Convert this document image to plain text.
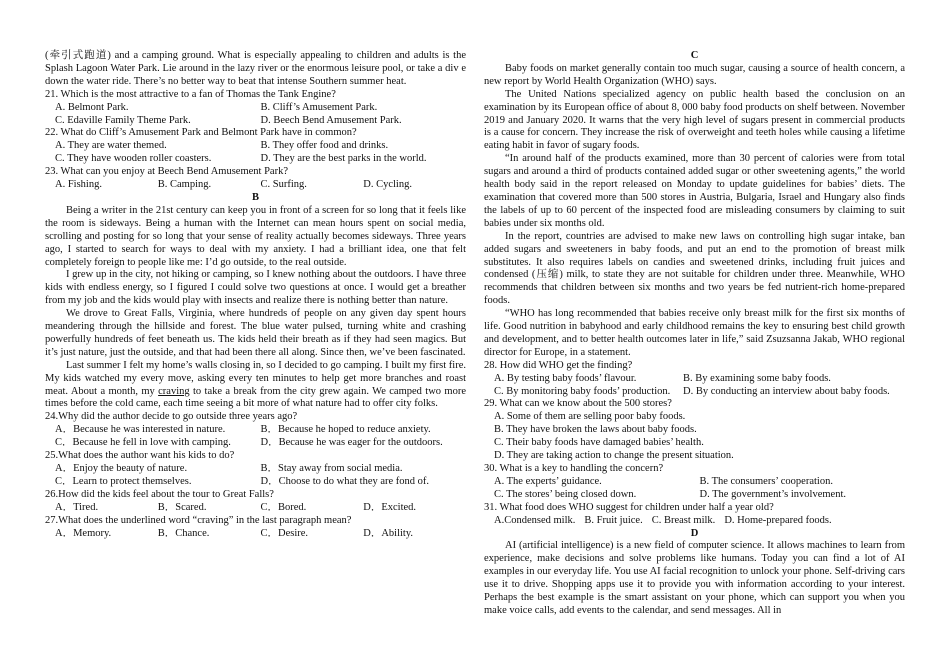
(牵引式跑道) and a camping ground. What is especially appealing to children and adults is the Splash Lagoon Water Park. Lie around in the lazy river or the enormous leisure pool, or take a div e down the water ride. There’s no better way to beat that intense Southern summer heat.

21. Which is the most attractive to a fan of Thomas the Tank Engine?

A. Belmont Park.	B. Cliff’s Amusement Park.
C. Edaville Family Theme Park.	D. Beech Bend Amusement Park.

22. What do Cliff’s Amusement Park and Belmont Park have in common?

A. They are water themed.	B. They offer food and drinks.
C. They have wooden roller coasters.	D. They are the best parks in the world.

23. What can you enjoy at Beech Bend Amusement Park?

A. Fishing.	B. Camping.	C. Surfing.	D. Cycling.

B

Being a writer in the 21st century can keep you in front of a screen for so long that it feels like the room is sideways. Being a human with the Internet can mean hours spent on social media, scrolling and posting for so long that your sense of reality actually becomes sideways. Three years ago, I started to search for ways to deal with my anxiety. I had a brilliant idea, one that felt completely foreign to people like me: I’d go outside, to the real outside.

I grew up in the city, not hiking or camping, so I knew nothing about the outdoors. I have three kids with endless energy, so I figured I could solve two questions at once. I would get a breather from my job and the kids would play with insects and realize there is nothing better than nature.

We drove to Great Falls, Virginia, where hundreds of people on any given day spent hours meandering through the hillside and forest. The blue water pulsed, turning white and crashing powerfully hundreds of feet beneath us. The kids held their breath as if they had seen magics. But it’s just nature, just the outside, and that had been there all along. Since then, we’ve been fascinated.

Last summer I felt my home’s walls closing in, so I decided to go camping. I built my first fire. My kids watched my every move, asking every ten minutes to help get more branches and roast meat. About a month, my craving to take a break from the city grew again. We camped two more times before the cold came, each time seeing a bit more of what nature had to offer city folks.

24.Why did the author decide to go outside three years ago?

A．Because he was interested in nature.	B．Because he hoped to reduce anxiety.
C．Because he fell in love with camping.	D．Because he was eager for the outdoors.

25.What does the author want his kids to do?

A．Enjoy the beauty of nature.	B．Stay away from social media.
C．Learn to protect themselves.	D．Choose to do what they are fond of.

26.How did the kids feel about the tour to Great Falls?

A．Tired.	B．Scared.	C．Bored.	D．Excited.

27.What does the underlined word “craving” in the last paragraph mean?

A．Memory.	B．Chance.	C．Desire.	D．Ability.

C

Baby foods on market generally contain too much sugar, causing a source of health concern, a new report by World Health Organization (WHO) says.

The United Nations specialized agency on public health based the conclusion on an examination by its European office of about 8, 000 baby food products on shelf between. November 2019 and January 2020. It warns that the very high level of sugars present in commercial products is a cause for concern. They increase the risk of overweight and teeth holes while causing a lifetime eating habit in favor of sugary foods.

“In around half of the products examined, more than 30 percent of calories were from total sugars and around a third of products contained added sugar or other sweetening agents,” the world health body said in the report released on Monday to update guidelines for babies’ diets. The examination that covered more than 500 stores in Austria, Bulgaria, Israel and Hungary also finds the labels of up to 60 percent of the inspected food are misleading consumers by claiming to suit babies under six months old.

In the report, countries are advised to make new laws on controlling high sugar intake, ban added sugars and sweeteners in baby foods, and put an end to the promotion of breast milk substitutes. It also requires labels on candies and sweetened drinks, including fruit juices and condensed (压缩) milk, to state they are not suitable for children under three. Meanwhile, WHO recommends that children between six months and two years be fed nutrient-rich home-prepared foods.

“WHO has long recommended that babies receive only breast milk for the first six months of life. Good nutrition in babyhood and early childhood remains the key to ensuring best child growth and development, and to better health outcomes later in life,” said Zsuzsanna Jakab, WHO regional director for Europe, in a statement.

28. How did WHO get the finding?

A. By testing baby foods’ flavour.	B. By examining some baby foods.
C. By monitoring baby foods’ production.	D. By conducting an interview about baby foods.

29. What can we know about the 500 stores?

A. Some of them are selling poor baby foods.
B. They have broken the laws about baby foods.
C. Their baby foods have damaged babies’ health.
D. They are taking action to change the present situation.

30. What is a key to handling the concern?

A. The experts’ guidance.	B. The consumers’ cooperation.
C. The stores’ being closed down.	D. The government’s involvement.

31. What food does WHO suggest for children under half a year old?

A.Condensed milk. B. Fruit juice. C. Breast milk. D. Home-prepared foods.

D

AI (artificial intelligence) is a new field of computer science. It allows machines to learn from experience, make decisions and solve problems like humans. Today you can find a lot of AI examples in our everyday life. You use AI facial recognition to unlock your phone. Self-driving cars use it to drive. Shopping apps use it to provide you with information according to your interest. Perhaps the best example is the smart assistant on your phone, which can support you when you make voice calls, add events to the calendar, and send messages. All in
